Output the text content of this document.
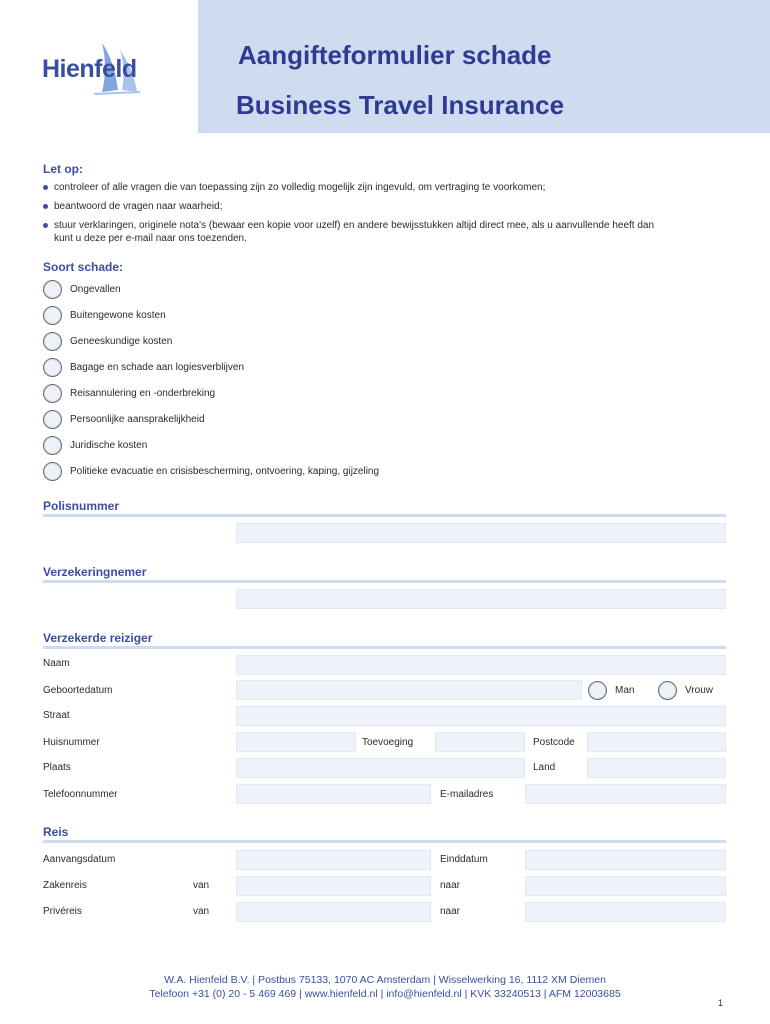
Hienfeld	Aangifteformulier schade
Business Travel Insurance
Let op:
controleer of alle vragen die van toepassing zijn zo volledig mogelijk zijn ingevuld, om vertraging te voorkomen;
beantwoord de vragen naar waarheid;
stuur verklaringen, originele nota's (bewaar een kopie voor uzelf) en andere bewijsstukken altijd direct mee, als u aanvullende heeft dan
kunt u deze per e-mail naar ons toezenden.
Soort schade:
Ongevallen
Buitengewone kosten
Geneeskundige kosten
Bagage en schade aan logiesverblijven
Reisannulering en -onderbreking
Persoonlijke aansprakelijkheid
Juridische kosten
Politieke evacuatie en crisisbescherming, ontvoering, kaping, gijzeling
Polisnummer
Verzekeringnemer
Verzekerde reiziger
Naam
Geboortedatum	Man	Vrouw
Straat
Huisnummer	Toevoeging	Postcode
Plaats	Land
Telefoonnummer	E-mailadres
Reis
Aanvangsdatum	Einddatum
Zakenreis	van	naar
Privéreis	van	naar
W.A. Hienfeld B.V. | Postbus 75133, 1070 AC Amsterdam | Wisselwerking 16, 1112 XM Diemen
Telefoon +31 (0) 20 - 5 469 469 | www.hienfeld.nl | info@hienfeld.nl | KVK 33240513 | AFM 12003685
1
